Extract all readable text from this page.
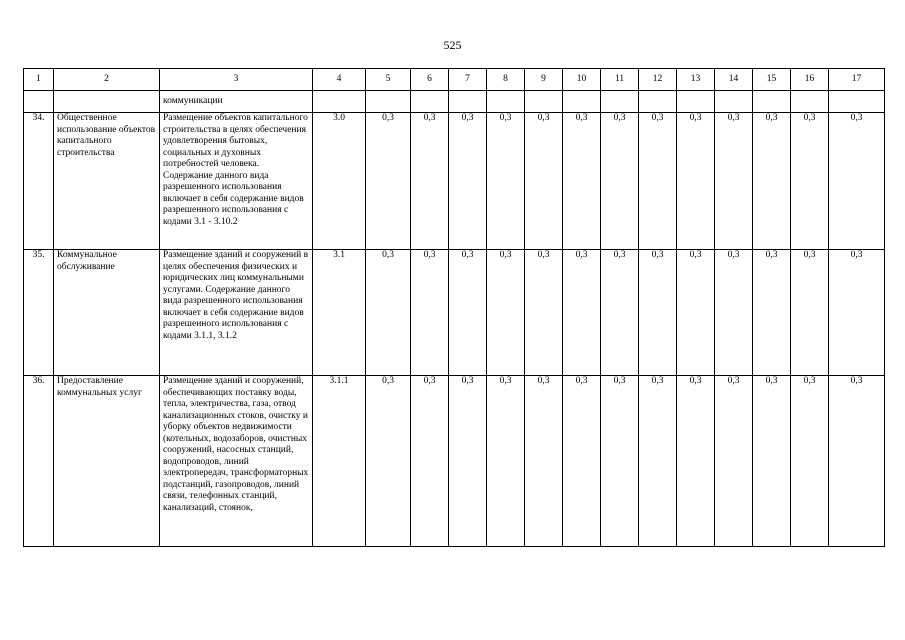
525
1	2	3	4	5	6	7	8	9	10	11	12	13	14	15	16	17
		коммуникации														
34.	Общественное использование объектов капитального строительства	Размещение объектов капитального строительства в целях обеспечения удовлетворения бытовых, социальных и духовных потребностей человека. Содержание данного вида разрешенного использования включает в себя содержание видов разрешенного использования с кодами 3.1 - 3.10.2	3.0	0,3	0,3	0,3	0,3	0,3	0,3	0,3	0,3	0,3	0,3	0,3	0,3	0,3
35.	Коммунальное обслуживание	Размещение зданий и сооружений в целях обеспечения физических и юридических лиц коммунальными услугами. Содержание данного вида разрешенного использования включает в себя содержание видов разрешенного использования с кодами 3.1.1, 3.1.2	3.1	0,3	0,3	0,3	0,3	0,3	0,3	0,3	0,3	0,3	0,3	0,3	0,3	0,3
36.	Предоставление коммунальных услуг	Размещение зданий и сооружений, обеспечивающих поставку воды, тепла, электричества, газа, отвод канализационных стоков, очистку и уборку объектов недвижимости (котельных, водозаборов, очистных сооружений, насосных станций, водопроводов, линий электропередач, трансформаторных подстанций, газопроводов, линий связи, телефонных станций, канализаций, стоянок,	3.1.1	0,3	0,3	0,3	0,3	0,3	0,3	0,3	0,3	0,3	0,3	0,3	0,3	0,3
